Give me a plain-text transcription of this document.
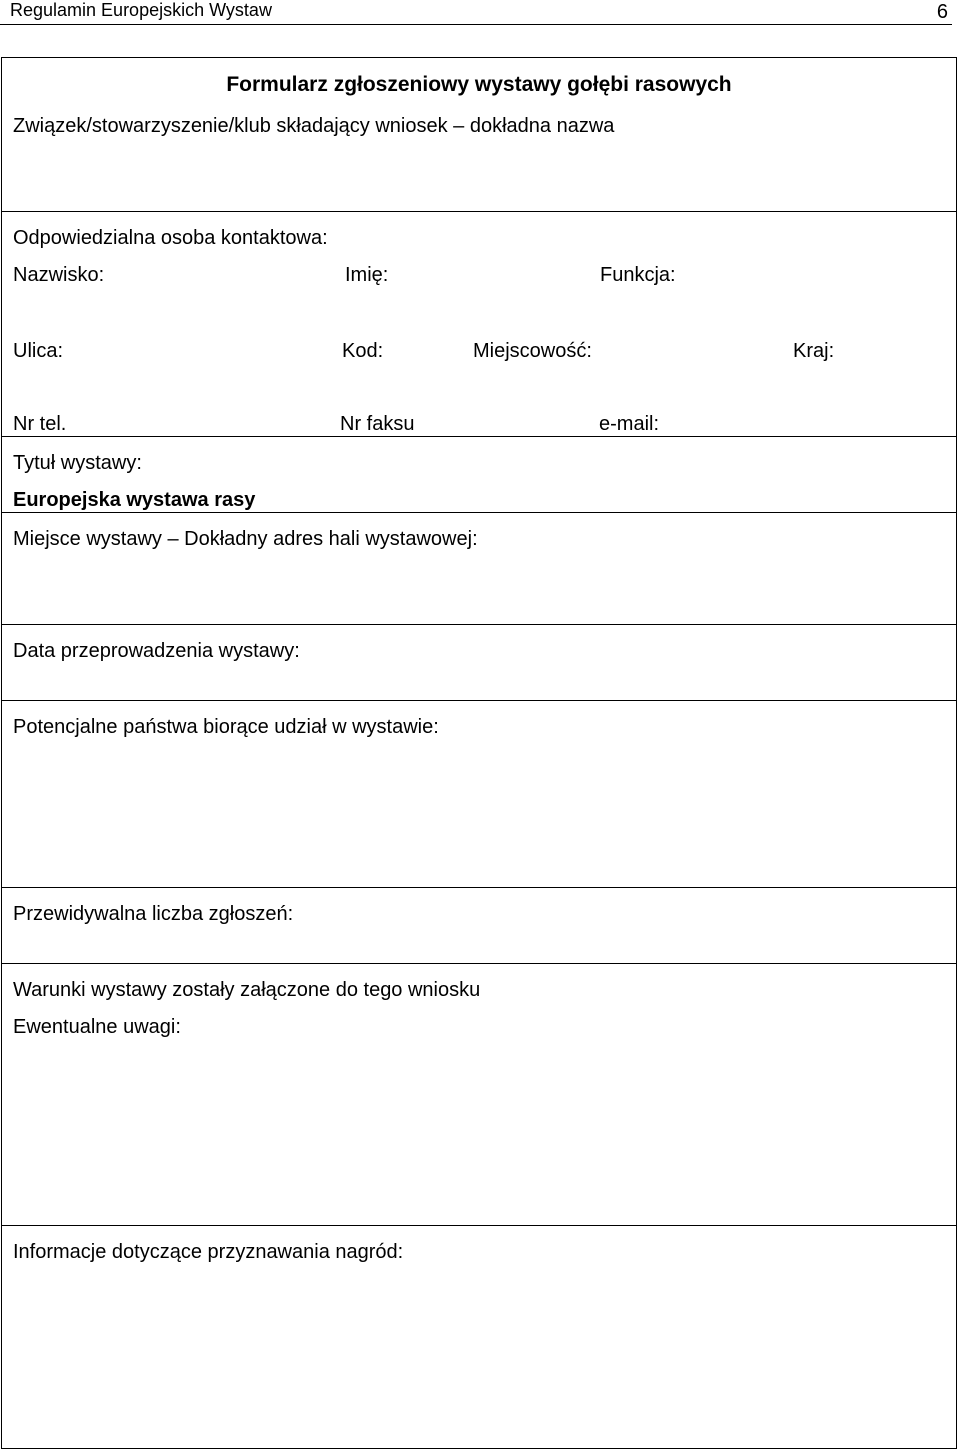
Regulamin Europejskich Wystaw	6
Formularz zgłoszeniowy wystawy gołębi rasowych
Związek/stowarzyszenie/klub składający wniosek – dokładna nazwa
Odpowiedzialna osoba kontaktowa:
Nazwisko:	Imię:	Funkcja:
Ulica:	Kod:	Miejscowość:	Kraj:
Nr tel.	Nr faksu	e-mail:
Tytuł wystawy:
Europejska wystawa rasy
Miejsce wystawy – Dokładny adres hali wystawowej:
Data przeprowadzenia wystawy:
Potencjalne państwa biorące udział w wystawie:
Przewidywalna liczba zgłoszeń:
Warunki wystawy zostały załączone do tego wniosku
Ewentualne uwagi:
Informacje dotyczące przyznawania nagród:
